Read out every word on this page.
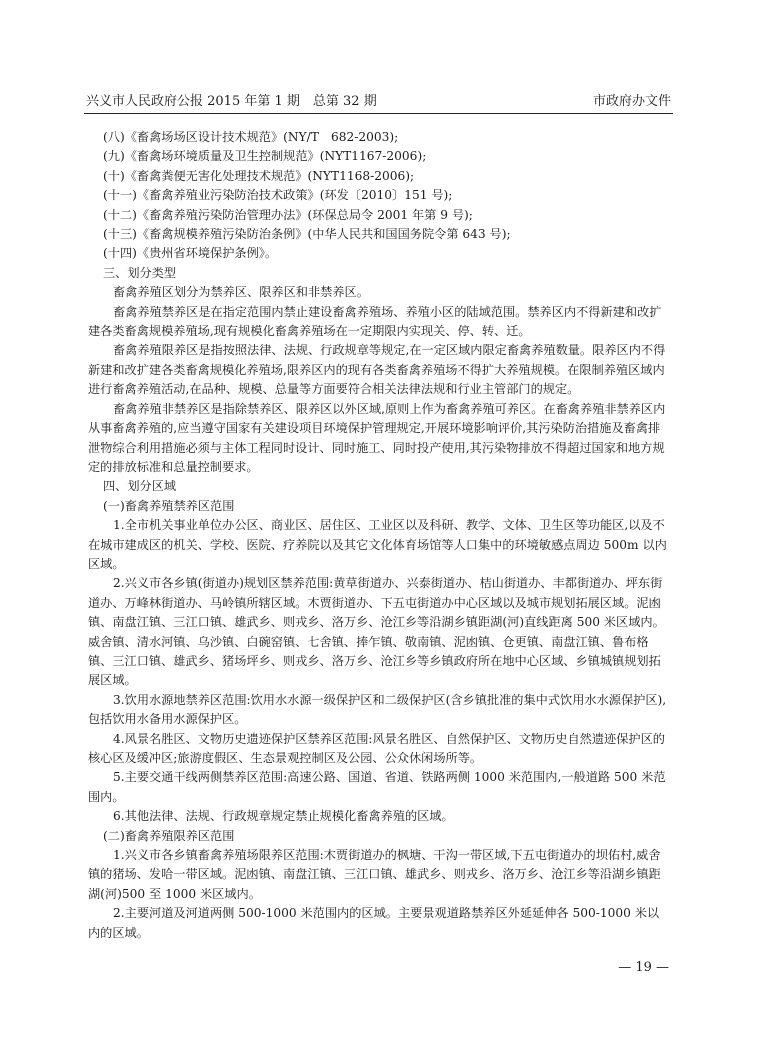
兴义市人民政府公报 2015 年第 1 期　总第 32 期	市政府办文件

(八)《畜禽场场区设计技术规范》(NY/T　682-2003);

(九)《畜禽场环境质量及卫生控制规范》(NYT1167-2006);

(十)《畜禽粪便无害化处理技术规范》(NYT1168-2006);

(十一)《畜禽养殖业污染防治技术政策》(环发〔2010〕151 号);

(十二)《畜禽养殖污染防治管理办法》(环保总局令 2001 年第 9 号);

(十三)《畜禽规模养殖污染防治条例》(中华人民共和国国务院令第 643 号);

(十四)《贵州省环境保护条例》。

三、划分类型

畜禽养殖区划分为禁养区、限养区和非禁养区。

畜禽养殖禁养区是在指定范围内禁止建设畜禽养殖场、养殖小区的陆域范围。禁养区内不得新建和改扩建各类畜禽规模养殖场,现有规模化畜禽养殖场在一定期限内实现关、停、转、迁。

畜禽养殖限养区是指按照法律、法规、行政规章等规定,在一定区域内限定畜禽养殖数量。限养区内不得新建和改扩建各类畜禽规模化养殖场,限养区内的现有各类畜禽养殖场不得扩大养殖规模。在限制养殖区域内进行畜禽养殖活动,在品种、规模、总量等方面要符合相关法律法规和行业主管部门的规定。

畜禽养殖非禁养区是指除禁养区、限养区以外区域,原则上作为畜禽养殖可养区。在畜禽养殖非禁养区内从事畜禽养殖的,应当遵守国家有关建设项目环境保护管理规定,开展环境影响评价,其污染防治措施及畜禽排泄物综合利用措施必须与主体工程同时设计、同时施工、同时投产使用,其污染物排放不得超过国家和地方规定的排放标准和总量控制要求。

四、划分区域

(一)畜禽养殖禁养区范围

1.全市机关事业单位办公区、商业区、居住区、工业区以及科研、教学、文体、卫生区等功能区,以及不在城市建成区的机关、学校、医院、疗养院以及其它文化体育场馆等人口集中的环境敏感点周边 500m 以内区域。

2.兴义市各乡镇(街道办)规划区禁养范围:黄草街道办、兴泰街道办、桔山街道办、丰都街道办、坪东街道办、万峰林街道办、马岭镇所辖区域。木贾街道办、下五屯街道办中心区域以及城市规划拓展区域。泥凼镇、南盘江镇、三江口镇、雄武乡、则戎乡、洛万乡、沧江乡等沿湖乡镇距湖(河)直线距离 500 米区域内。威舍镇、清水河镇、乌沙镇、白碗窑镇、七舍镇、捧乍镇、敬南镇、泥凼镇、仓更镇、南盘江镇、鲁布格镇、三江口镇、雄武乡、猪场坪乡、则戎乡、洛万乡、沧江乡等乡镇政府所在地中心区域、乡镇城镇规划拓展区域。

3.饮用水源地禁养区范围:饮用水水源一级保护区和二级保护区(含乡镇批准的集中式饮用水水源保护区),包括饮用水备用水源保护区。

4.风景名胜区、文物历史遗迹保护区禁养区范围:风景名胜区、自然保护区、文物历史自然遗迹保护区的核心区及缓冲区;旅游度假区、生态景观控制区及公园、公众休闲场所等。

5.主要交通干线两侧禁养区范围:高速公路、国道、省道、铁路两侧 1000 米范围内,一般道路 500 米范围内。

6.其他法律、法规、行政规章规定禁止规模化畜禽养殖的区域。

(二)畜禽养殖限养区范围

1.兴义市各乡镇畜禽养殖场限养区范围:木贾街道办的枫塘、干沟一带区域,下五屯街道办的坝佑村,威舍镇的猪场、发哈一带区域。泥凼镇、南盘江镇、三江口镇、雄武乡、则戎乡、洛万乡、沧江乡等沿湖乡镇距湖(河)500 至 1000 米区域内。

2.主要河道及河道两侧 500-1000 米范围内的区域。主要景观道路禁养区外延延伸各 500-1000 米以内的区域。

— 19 —
